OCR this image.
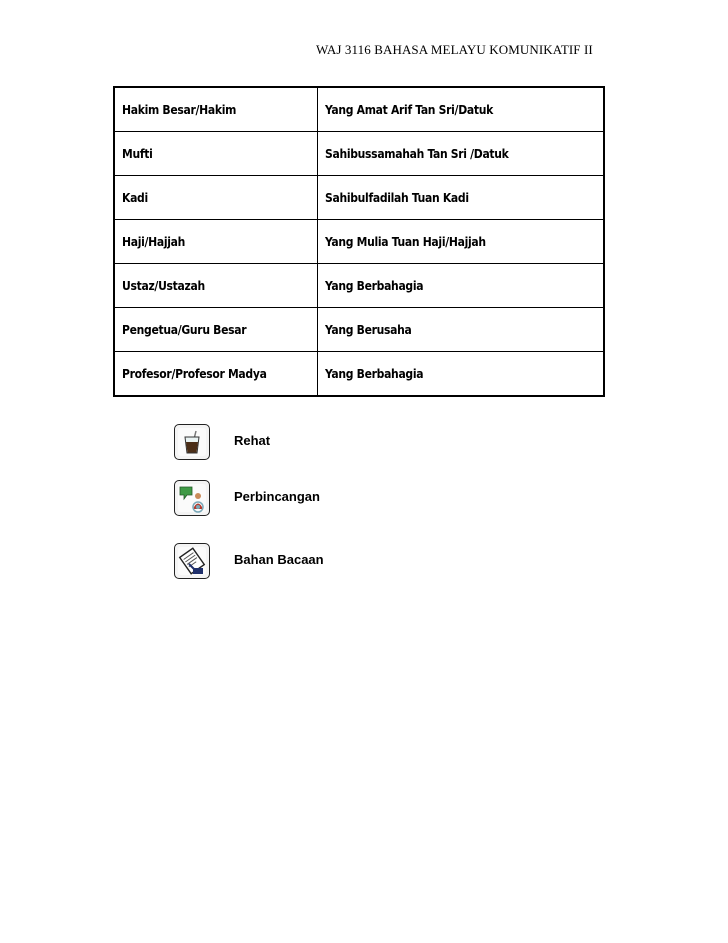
WAJ 3116 BAHASA MELAYU KOMUNIKATIF II
Hakim Besar/Hakim	Yang Amat Arif Tan Sri/Datuk
Mufti	Sahibussamahah Tan Sri /Datuk
Kadi	Sahibulfadilah Tuan Kadi
Haji/Hajjah	Yang Mulia Tuan Haji/Hajjah
Ustaz/Ustazah	Yang Berbahagia
Pengetua/Guru Besar	Yang Berusaha
Profesor/Profesor Madya	Yang Berbahagia
Rehat
Perbincangan
Bahan Bacaan
